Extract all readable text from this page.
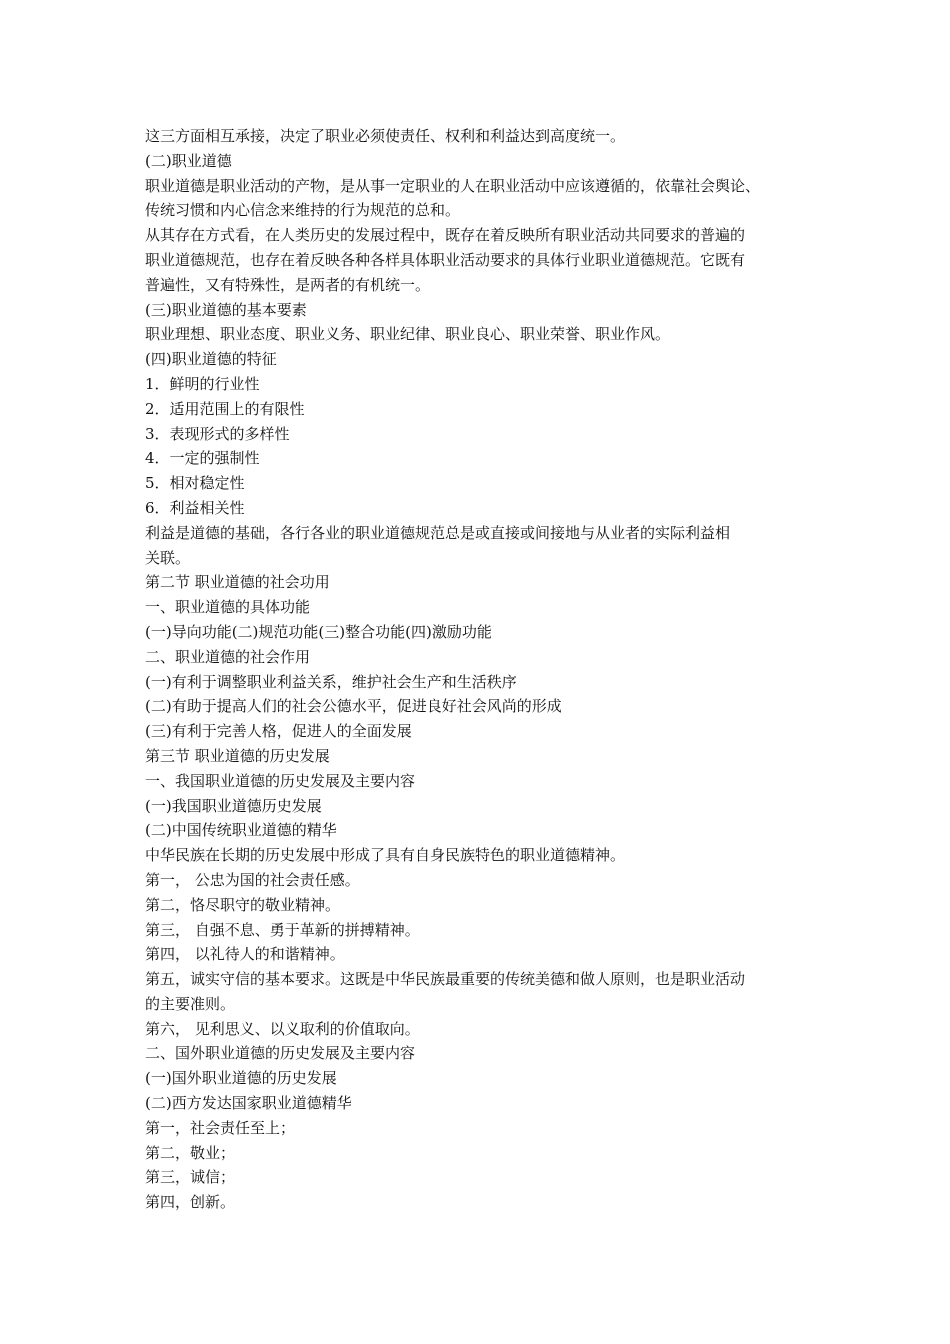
这三方面相互承接，决定了职业必须使责任、权利和利益达到高度统一。
(二)职业道德
职业道德是职业活动的产物，是从事一定职业的人在职业活动中应该遵循的，依靠社会舆论、
传统习惯和内心信念来维持的行为规范的总和。
从其存在方式看，在人类历史的发展过程中，既存在着反映所有职业活动共同要求的普遍的
职业道德规范，也存在着反映各种各样具体职业活动要求的具体行业职业道德规范。它既有
普遍性，又有特殊性，是两者的有机统一。
(三)职业道德的基本要素
职业理想、职业态度、职业义务、职业纪律、职业良心、职业荣誉、职业作风。
(四)职业道德的特征
1．鲜明的行业性
2．适用范围上的有限性
3．表现形式的多样性
4．一定的强制性
5．相对稳定性
6．利益相关性
利益是道德的基础，各行各业的职业道德规范总是或直接或间接地与从业者的实际利益相
关联。
第二节 职业道德的社会功用
一、职业道德的具体功能
(一)导向功能(二)规范功能(三)整合功能(四)激励功能
二、职业道德的社会作用
(一)有利于调整职业利益关系，维护社会生产和生活秩序
(二)有助于提高人们的社会公德水平，促进良好社会风尚的形成
(三)有利于完善人格，促进人的全面发展
第三节 职业道德的历史发展
一、我国职业道德的历史发展及主要内容
(一)我国职业道德历史发展
(二)中国传统职业道德的精华
中华民族在长期的历史发展中形成了具有自身民族特色的职业道德精神。
第一， 公忠为国的社会责任感。
第二，恪尽职守的敬业精神。
第三， 自强不息、勇于革新的拼搏精神。
第四， 以礼待人的和谐精神。
第五，诚实守信的基本要求。这既是中华民族最重要的传统美德和做人原则，也是职业活动
的主要准则。
第六， 见利思义、以义取利的价值取向。
二、国外职业道德的历史发展及主要内容
(一)国外职业道德的历史发展
(二)西方发达国家职业道德精华
第一，社会责任至上；
第二，敬业；
第三，诚信；
第四，创新。
